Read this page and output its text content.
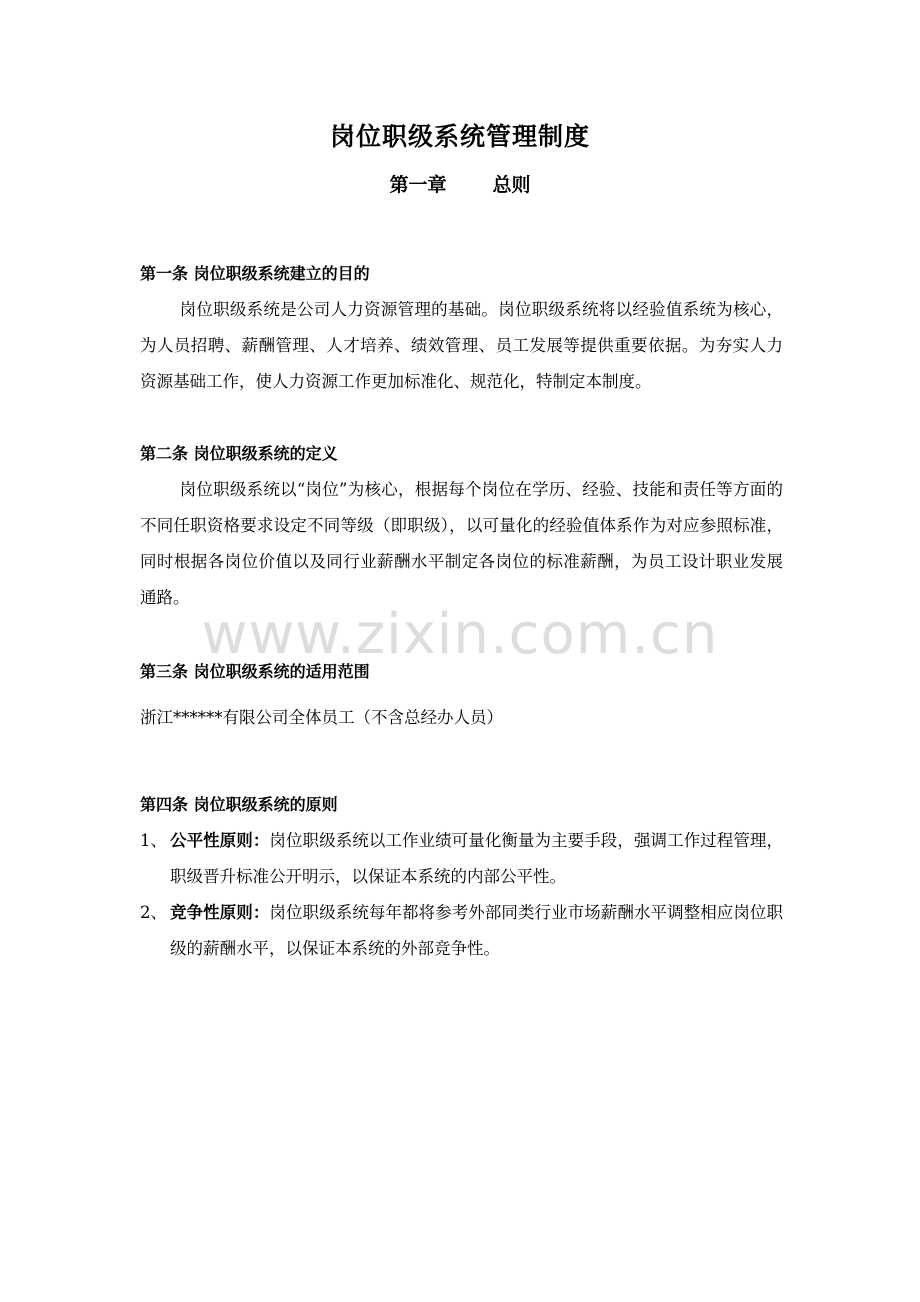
岗位职级系统管理制度
第一章 总则
第一条 岗位职级系统建立的目的

岗位职级系统是公司人力资源管理的基础。岗位职级系统将以经验值系统为核心，为人员招聘、薪酬管理、人才培养、绩效管理、员工发展等提供重要依据。为夯实人力资源基础工作，使人力资源工作更加标准化、规范化，特制定本制度。

第二条 岗位职级系统的定义

岗位职级系统以“岗位”为核心，根据每个岗位在学历、经验、技能和责任等方面的不同任职资格要求设定不同等级（即职级），以可量化的经验值体系作为对应参照标准，同时根据各岗位价值以及同行业薪酬水平制定各岗位的标准薪酬，为员工设计职业发展通路。

www.zixin.com.cn
第三条 岗位职级系统的适用范围

浙江******有限公司全体员工（不含总经办人员）

第四条 岗位职级系统的原则

1、 公平性原则：岗位职级系统以工作业绩可量化衡量为主要手段，强调工作过程管理，职级晋升标准公开明示，以保证本系统的内部公平性。

2、 竞争性原则：岗位职级系统每年都将参考外部同类行业市场薪酬水平调整相应岗位职级的薪酬水平，以保证本系统的外部竞争性。
